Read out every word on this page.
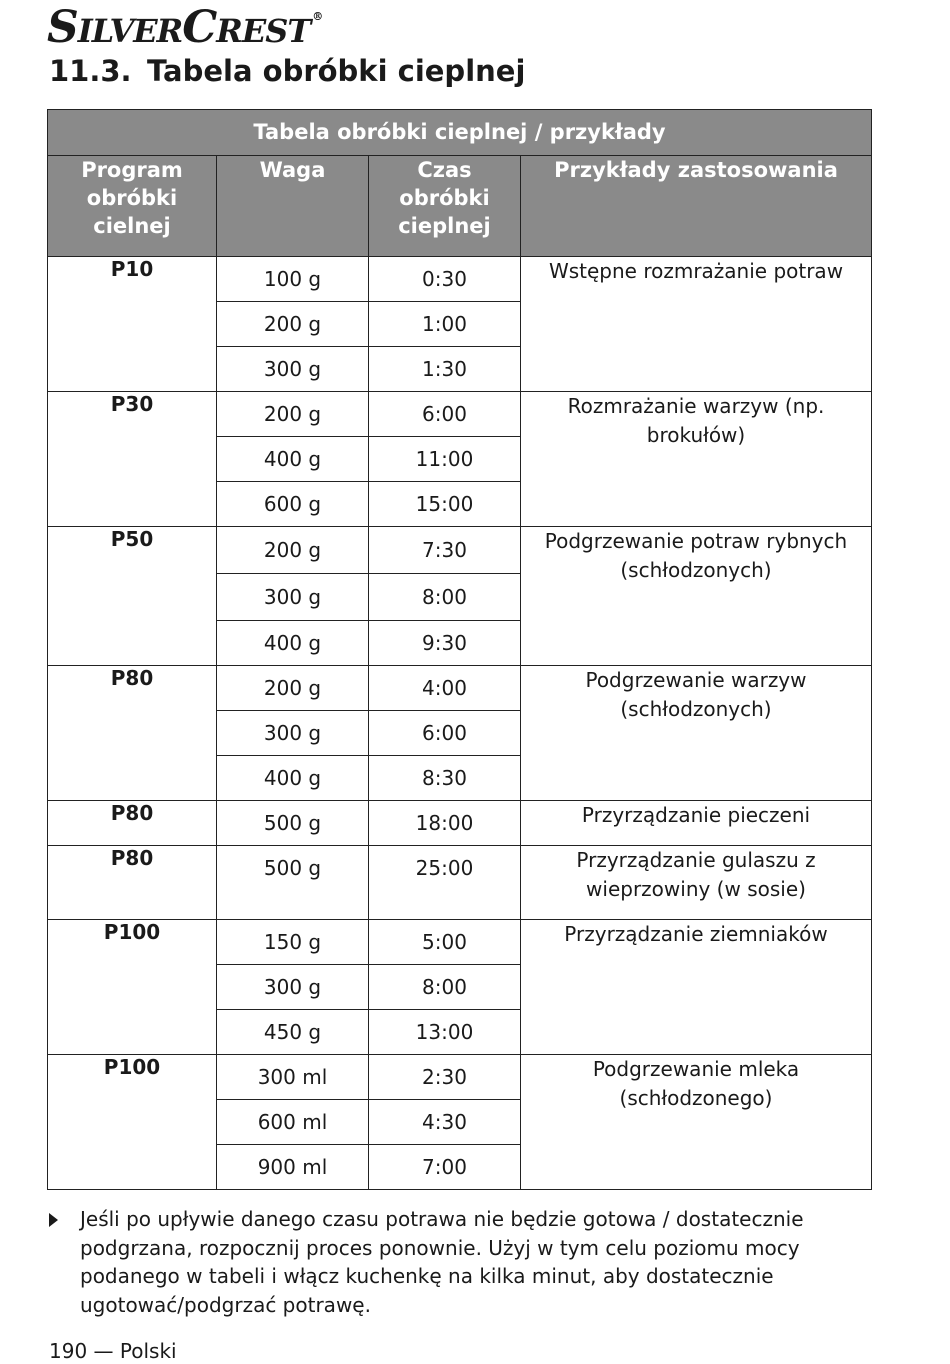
SILVERCREST ®
11.3. Tabela obróbki cieplnej
Tabela obróbki cieplnej / przykłady			
Program obróbki cielnej	Waga	Czas obróbki cieplnej	Przykłady zastosowania
P10	100 g	0:30	Wstępne rozmrażanie potraw
	200 g	1:00	
	300 g	1:30	
P30	200 g	6:00	Rozmrażanie warzyw (np. brokułów)
	400 g	11:00	
	600 g	15:00	
P50	200 g	7:30	Podgrzewanie potraw rybnych (schłodzonych)
	300 g	8:00	
	400 g	9:30	
P80	200 g	4:00	Podgrzewanie warzyw (schłodzonych)
	300 g	6:00	
	400 g	8:30	
P80	500 g	18:00	Przyrządzanie pieczeni
P80	500 g	25:00	Przyrządzanie gulaszu z wieprzowiny (w sosie)
P100	150 g	5:00	Przyrządzanie ziemniaków
	300 g	8:00	
	450 g	13:00	
P100	300 ml	2:30	Podgrzewanie mleka (schłodzonego)
	600 ml	4:30	
	900 ml	7:00	

Jeśli po upływie danego czasu potrawa nie będzie gotowa / dostatecznie podgrzana, rozpocznij proces ponownie. Użyj w tym celu poziomu mocy podanego w tabeli i włącz kuchenkę na kilka minut, aby dostatecznie ugotować/podgrzać potrawę.

190 — Polski
